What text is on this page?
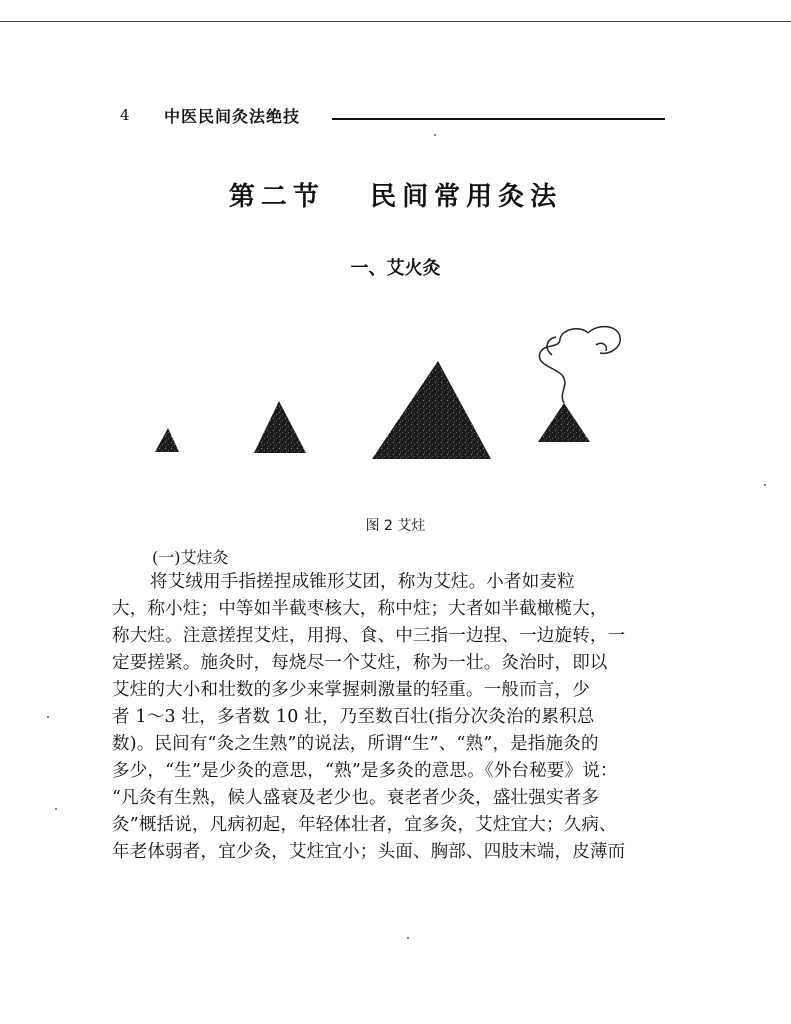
4 中医民间灸法绝技
第二节   民间常用灸法
一、艾火灸
图 2 艾炷
(一)艾炷灸
将艾绒用手指搓捏成锥形艾团，称为艾炷。小者如麦粒
大，称小炷；中等如半截枣核大，称中炷；大者如半截橄榄大，
称大炷。注意搓捏艾炷，用拇、食、中三指一边捏、一边旋转，一
定要搓紧。施灸时，每烧尽一个艾炷，称为一壮。灸治时，即以
艾炷的大小和壮数的多少来掌握刺激量的轻重。一般而言，少
者 1～3 壮，多者数 10 壮，乃至数百壮(指分次灸治的累积总
数)。民间有“灸之生熟”的说法，所谓“生”、“熟”，是指施灸的
多少，“生”是少灸的意思，“熟”是多灸的意思。《外台秘要》说：
“凡灸有生熟，候人盛衰及老少也。衰老者少灸，盛壮强实者多
灸”概括说，凡病初起，年轻体壮者，宜多灸，艾炷宜大；久病、
年老体弱者，宜少灸，艾炷宜小；头面、胸部、四肢末端，皮薄而
